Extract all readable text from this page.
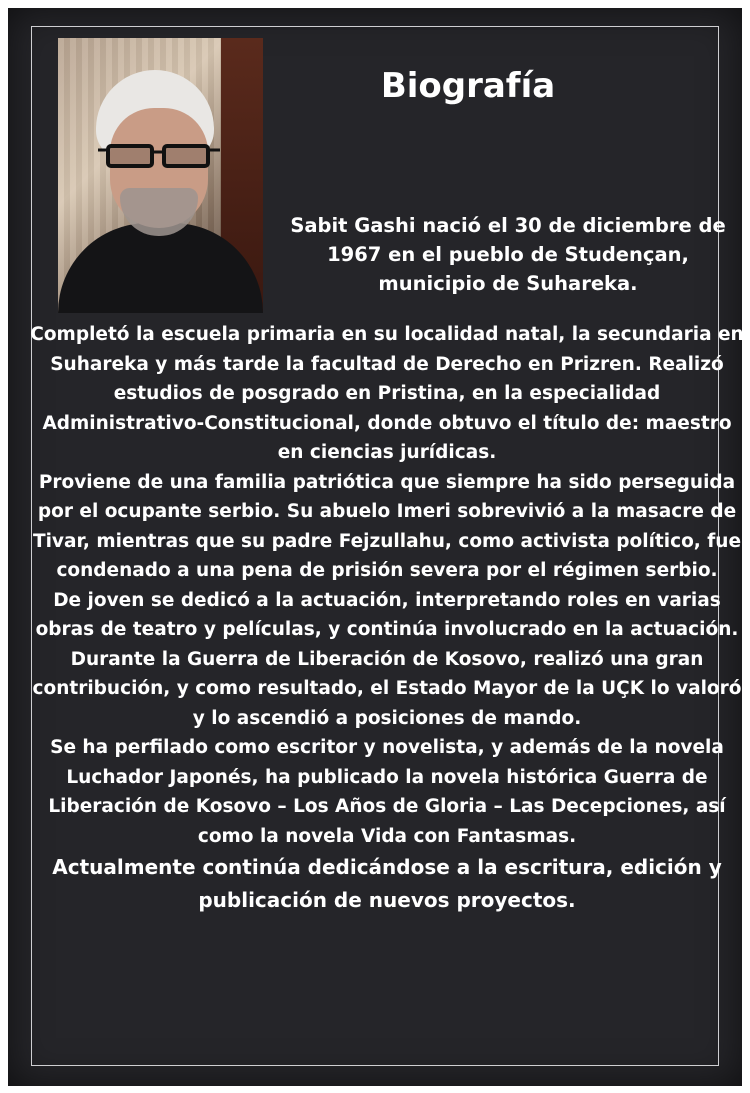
Biografía

Sabit Gashi nació el 30 de diciembre de 1967 en el pueblo de Studençan, municipio de Suhareka.

Completó la escuela primaria en su localidad natal, la secundaria en Suhareka y más tarde la facultad de Derecho en Prizren. Realizó estudios de posgrado en Pristina, en la especialidad Administrativo-Constitucional, donde obtuvo el título de: maestro en ciencias jurídicas.

Proviene de una familia patriótica que siempre ha sido perseguida por el ocupante serbio. Su abuelo Imeri sobrevivió a la masacre de Tivar, mientras que su padre Fejzullahu, como activista político, fue condenado a una pena de prisión severa por el régimen serbio.

De joven se dedicó a la actuación, interpretando roles en varias obras de teatro y películas, y continúa involucrado en la actuación.

Durante la Guerra de Liberación de Kosovo, realizó una gran contribución, y como resultado, el Estado Mayor de la UÇK lo valoró y lo ascendió a posiciones de mando.

Se ha perfilado como escritor y novelista, y además de la novela Luchador Japonés, ha publicado la novela histórica Guerra de Liberación de Kosovo – Los Años de Gloria – Las Decepciones, así como la novela Vida con Fantasmas.

Actualmente continúa dedicándose a la escritura, edición y publicación de nuevos proyectos.
